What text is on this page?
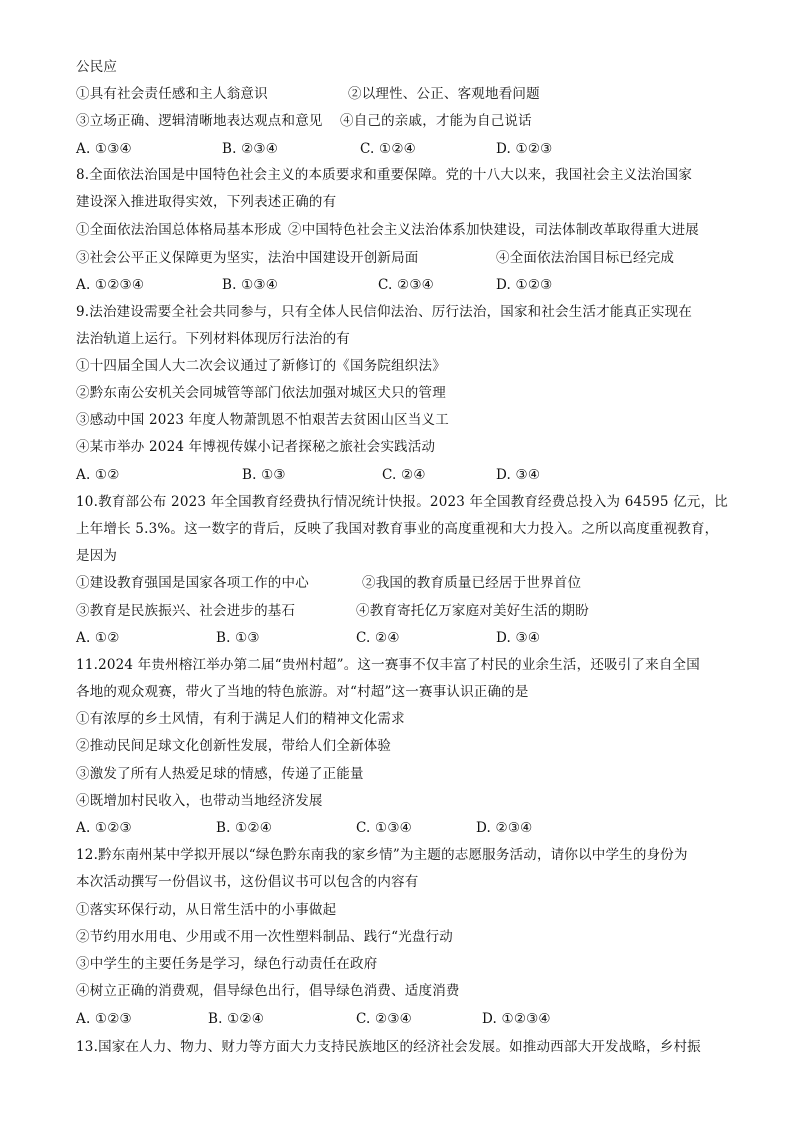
公民应
①具有社会责任感和主人翁意识	②以理性、公正、客观地看问题
③立场正确、逻辑清晰地表达观点和意见 ④自己的亲戚，才能为自己说话
A. ①③④	B. ②③④	C. ①②④	D. ①②③
8.全面依法治国是中国特色社会主义的本质要求和重要保障。党的十八大以来，我国社会主义法治国家
建设深入推进取得实效，下列表述正确的有
①全面依法治国总体格局基本形成 ②中国特色社会主义法治体系加快建设，司法体制改革取得重大进展
③社会公平正义保障更为坚实，法治中国建设开创新局面	④全面依法治国目标已经完成
A. ①②③④	B. ①③④	C. ②③④	D. ①②③
9.法治建设需要全社会共同参与，只有全体人民信仰法治、厉行法治，国家和社会生活才能真正实现在
法治轨道上运行。下列材料体现厉行法治的有
①十四届全国人大二次会议通过了新修订的《国务院组织法》
②黔东南公安机关会同城管等部门依法加强对城区犬只的管理
③感动中国 2023 年度人物萧凯恩不怕艰苦去贫困山区当义工
④某市举办 2024 年博视传媒小记者探秘之旅社会实践活动
A. ①②	B. ①③	C. ②④	D. ③④
10.教育部公布 2023 年全国教育经费执行情况统计快报。2023 年全国教育经费总投入为 64595 亿元，比
上年增长 5.3%。这一数字的背后，反映了我国对教育事业的高度重视和大力投入。之所以高度重视教育，
是因为
①建设教育强国是国家各项工作的中心	②我国的教育质量已经居于世界首位
③教育是民族振兴、社会进步的基石	④教育寄托亿万家庭对美好生活的期盼
A. ①②	B. ①③	C. ②④	D. ③④
11.2024 年贵州榕江举办第二届“贵州村超”。这一赛事不仅丰富了村民的业余生活，还吸引了来自全国
各地的观众观赛，带火了当地的特色旅游。对“村超”这一赛事认识正确的是
①有浓厚的乡土风情，有利于满足人们的精神文化需求
②推动民间足球文化创新性发展，带给人们全新体验
③激发了所有人热爱足球的情感，传递了正能量
④既增加村民收入，也带动当地经济发展
A. ①②③	B. ①②④	C. ①③④	D. ②③④
12.黔东南州某中学拟开展以“绿色黔东南我的家乡情”为主题的志愿服务活动，请你以中学生的身份为
本次活动撰写一份倡议书，这份倡议书可以包含的内容有
①落实环保行动，从日常生活中的小事做起
②节约用水用电、少用或不用一次性塑料制品、践行“光盘行动
③中学生的主要任务是学习，绿色行动责任在政府
④树立正确的消费观，倡导绿色出行，倡导绿色消费、适度消费
A. ①②③	B. ①②④	C. ②③④	D. ①②③④
13.国家在人力、物力、财力等方面大力支持民族地区的经济社会发展。如推动西部大开发战略，乡村振
